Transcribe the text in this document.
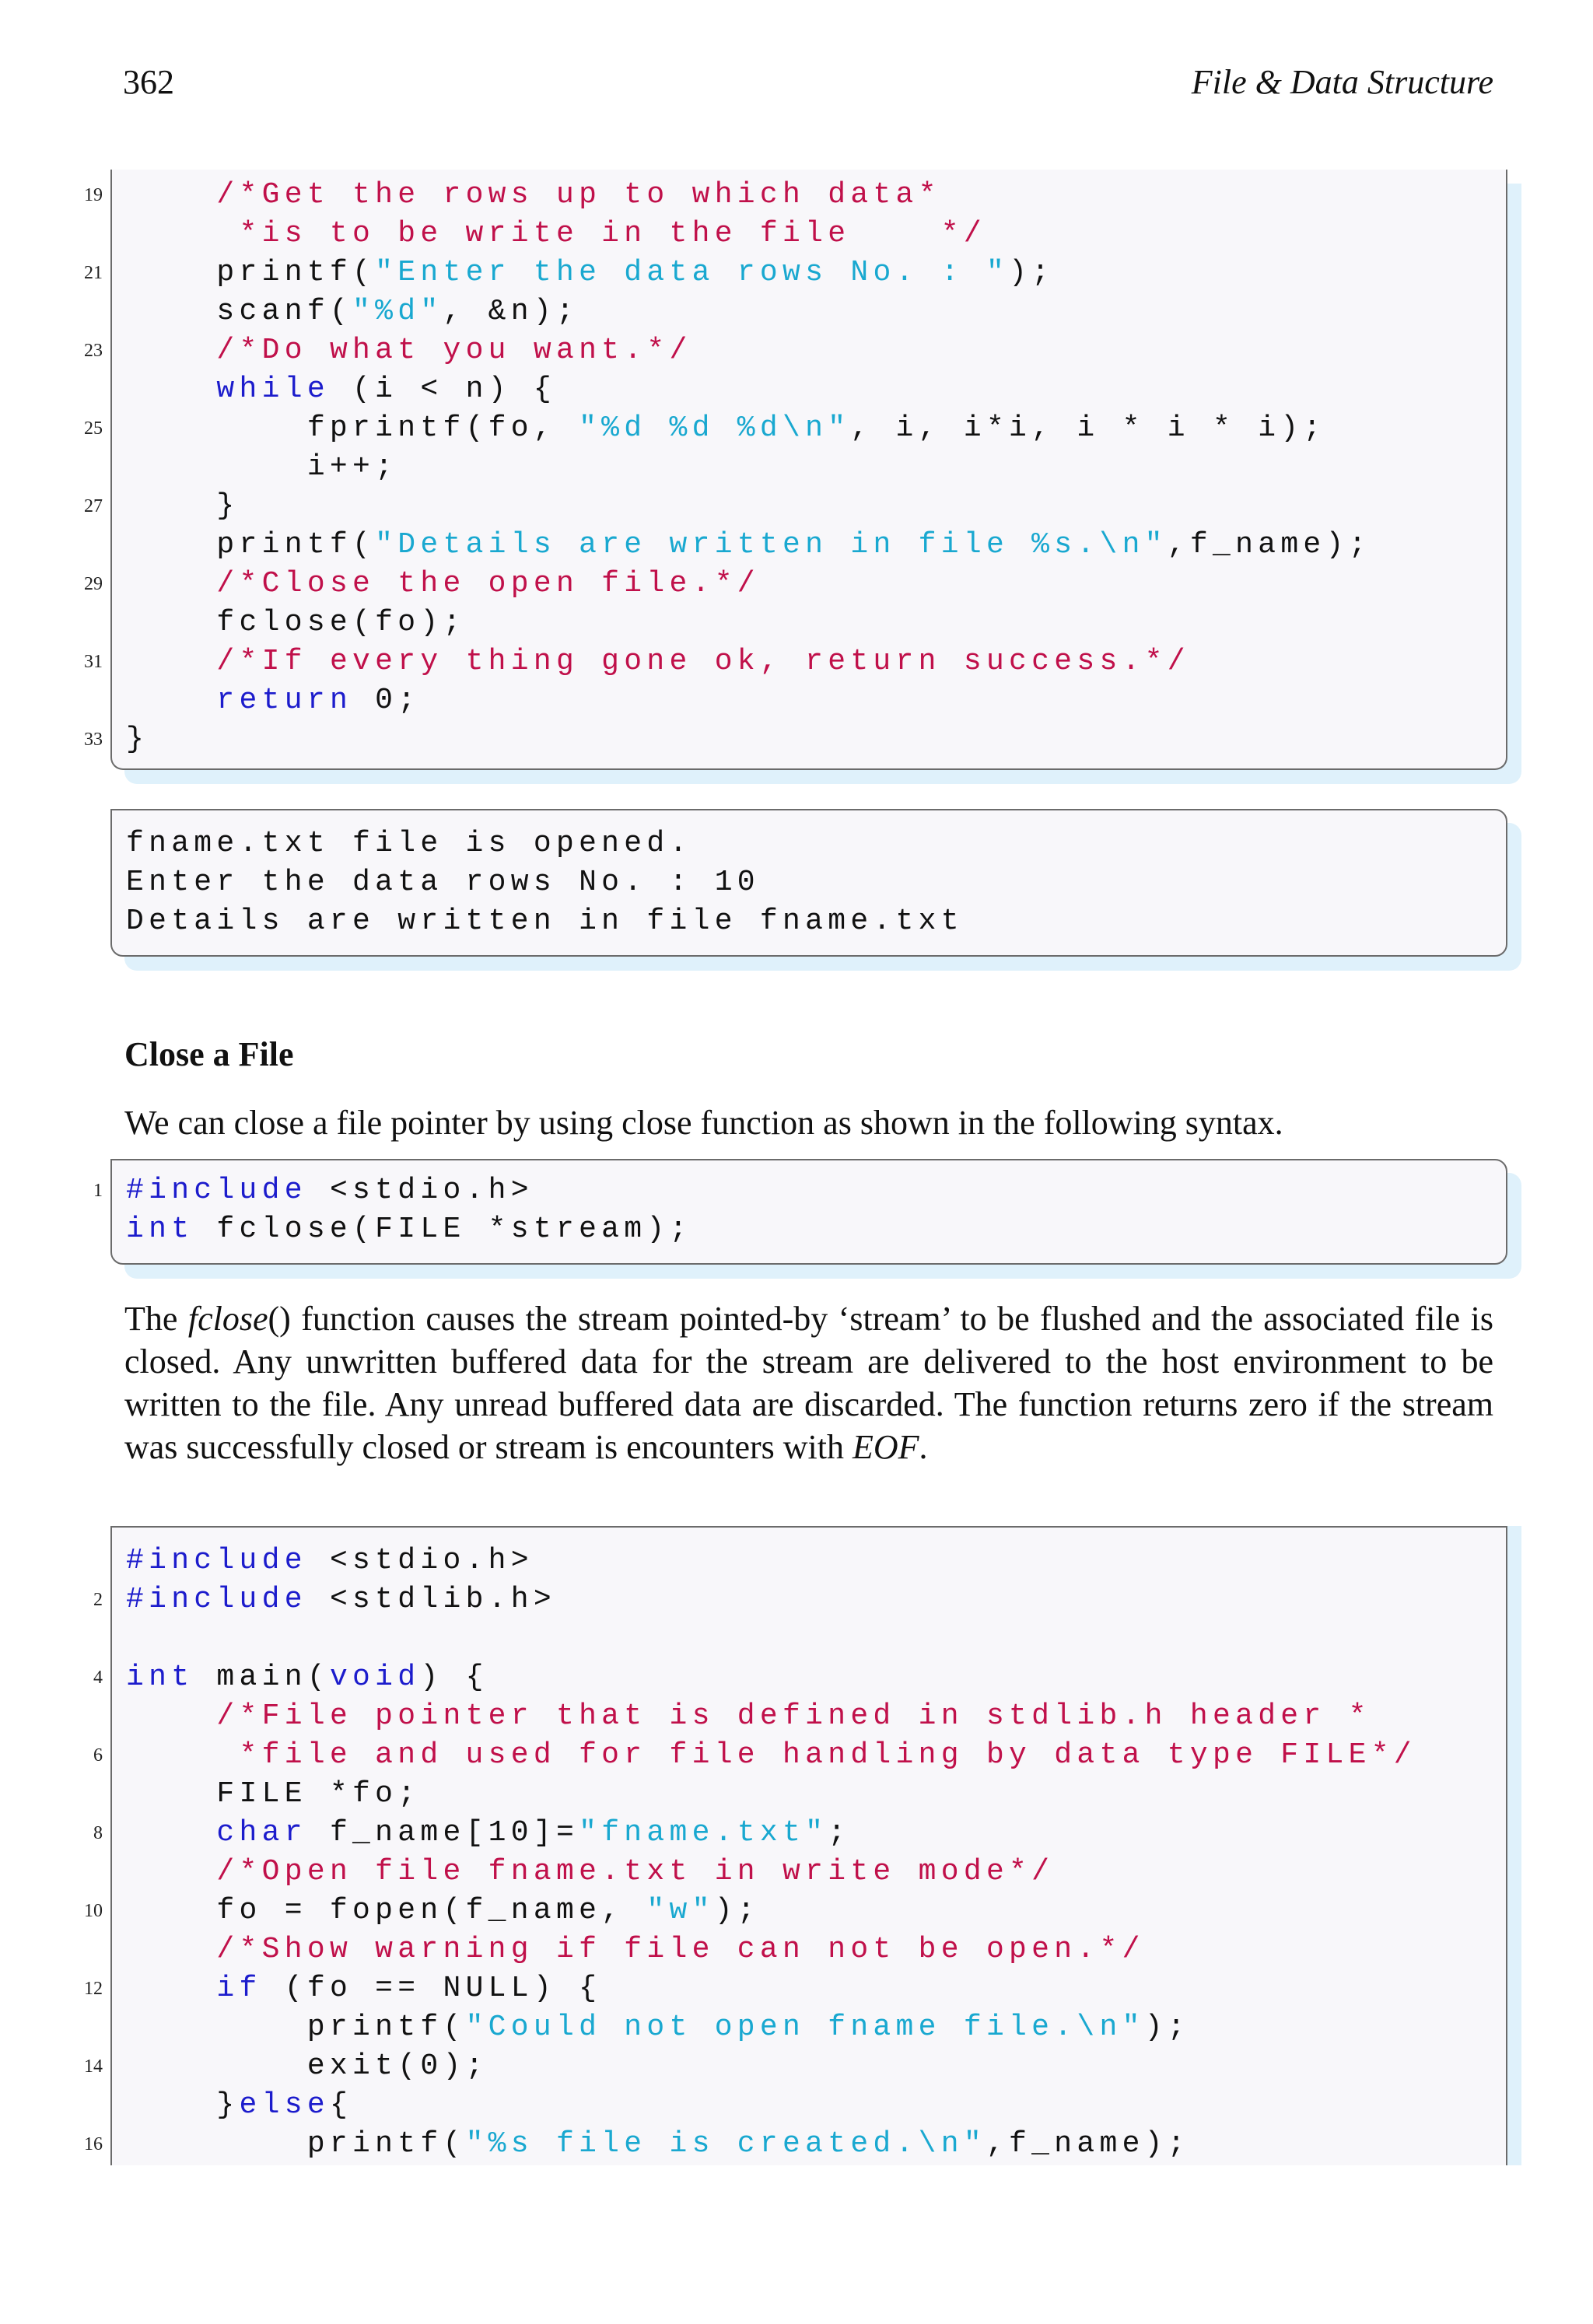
362	File & Data Structure
19	/*Get the rows up to which data*
*is to be write in the file    */
21 printf("Enter the data rows No. : ");
scanf("%d", &n);
23	/*Do what you want.*/
while (i < n) {
25 fprintf(fo, "%d %d %d\n", i, i*i, i * i * i);
i++;
27 }
printf("Details are written in file %s.\n",f_name);
29	/*Close the open file.*/
fclose(fo);
31	/*If every thing gone ok, return success.*/
return 0;
33 }
fname.txt file is opened.
Enter the data rows No. : 10
Details are written in file fname.txt
Close a File
We can close a file pointer by using close function as shown in the following syntax.
1 #include <stdio.h>
int fclose(FILE *stream);
The fclose() function causes the stream pointed-by ‘stream’ to be flushed and the associated file is closed. Any unwritten buffered data for the stream are delivered to the host environment to be written to the file. Any unread buffered data are discarded. The function returns zero if the stream was successfully closed or stream is encounters with EOF.
#include <stdio.h>
2 #include <stdlib.h>
4 int main(void) {
/*File pointer that is defined in stdlib.h header *
6 *file and used for file handling by data type FILE*/
FILE *fo;
8	char f_name[10]="fname.txt";
/*Open file fname.txt in write mode*/
10 fo = fopen(f_name, "w");
/*Show warning if file can not be open.*/
12	if (fo == NULL) {
printf("Could not open fname file.\n");
14 exit(0);
}else{
16 printf("%s file is created.\n",f_name);
